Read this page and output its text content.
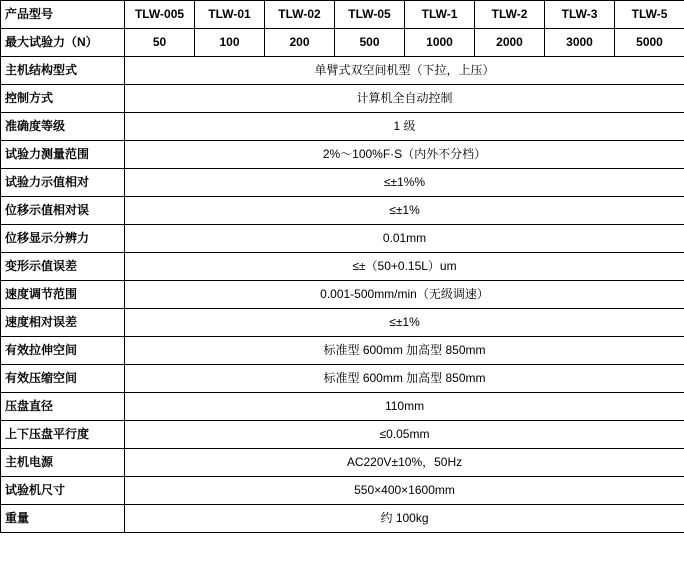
产品型号	TLW-005	TLW-01	TLW-02	TLW-05	TLW-1	TLW-2	TLW-3	TLW-5
最大试验力（N）	50	100	200	500	1000	2000	3000	5000
主机结构型式	单臂式双空间机型（下拉，上压）							
控制方式	计算机全自动控制							
准确度等级	1 级							
试验力测量范围	2%～100%F·S（内外不分档）							
试验力示值相对	≤±1%%							
位移示值相对误	≤±1%							
位移显示分辨力	0.01mm							
变形示值误差	≤±（50+0.15L）um							
速度调节范围	0.001-500mm/min（无级调速）							
速度相对误差	≤±1%							
有效拉伸空间	标准型 600mm 加高型 850mm							
有效压缩空间	标准型 600mm 加高型 850mm							
压盘直径	110mm							
上下压盘平行度	≤0.05mm							
主机电源	AC220V±10%，50Hz							
试验机尺寸	550×400×1600mm							
重量	约 100kg							
